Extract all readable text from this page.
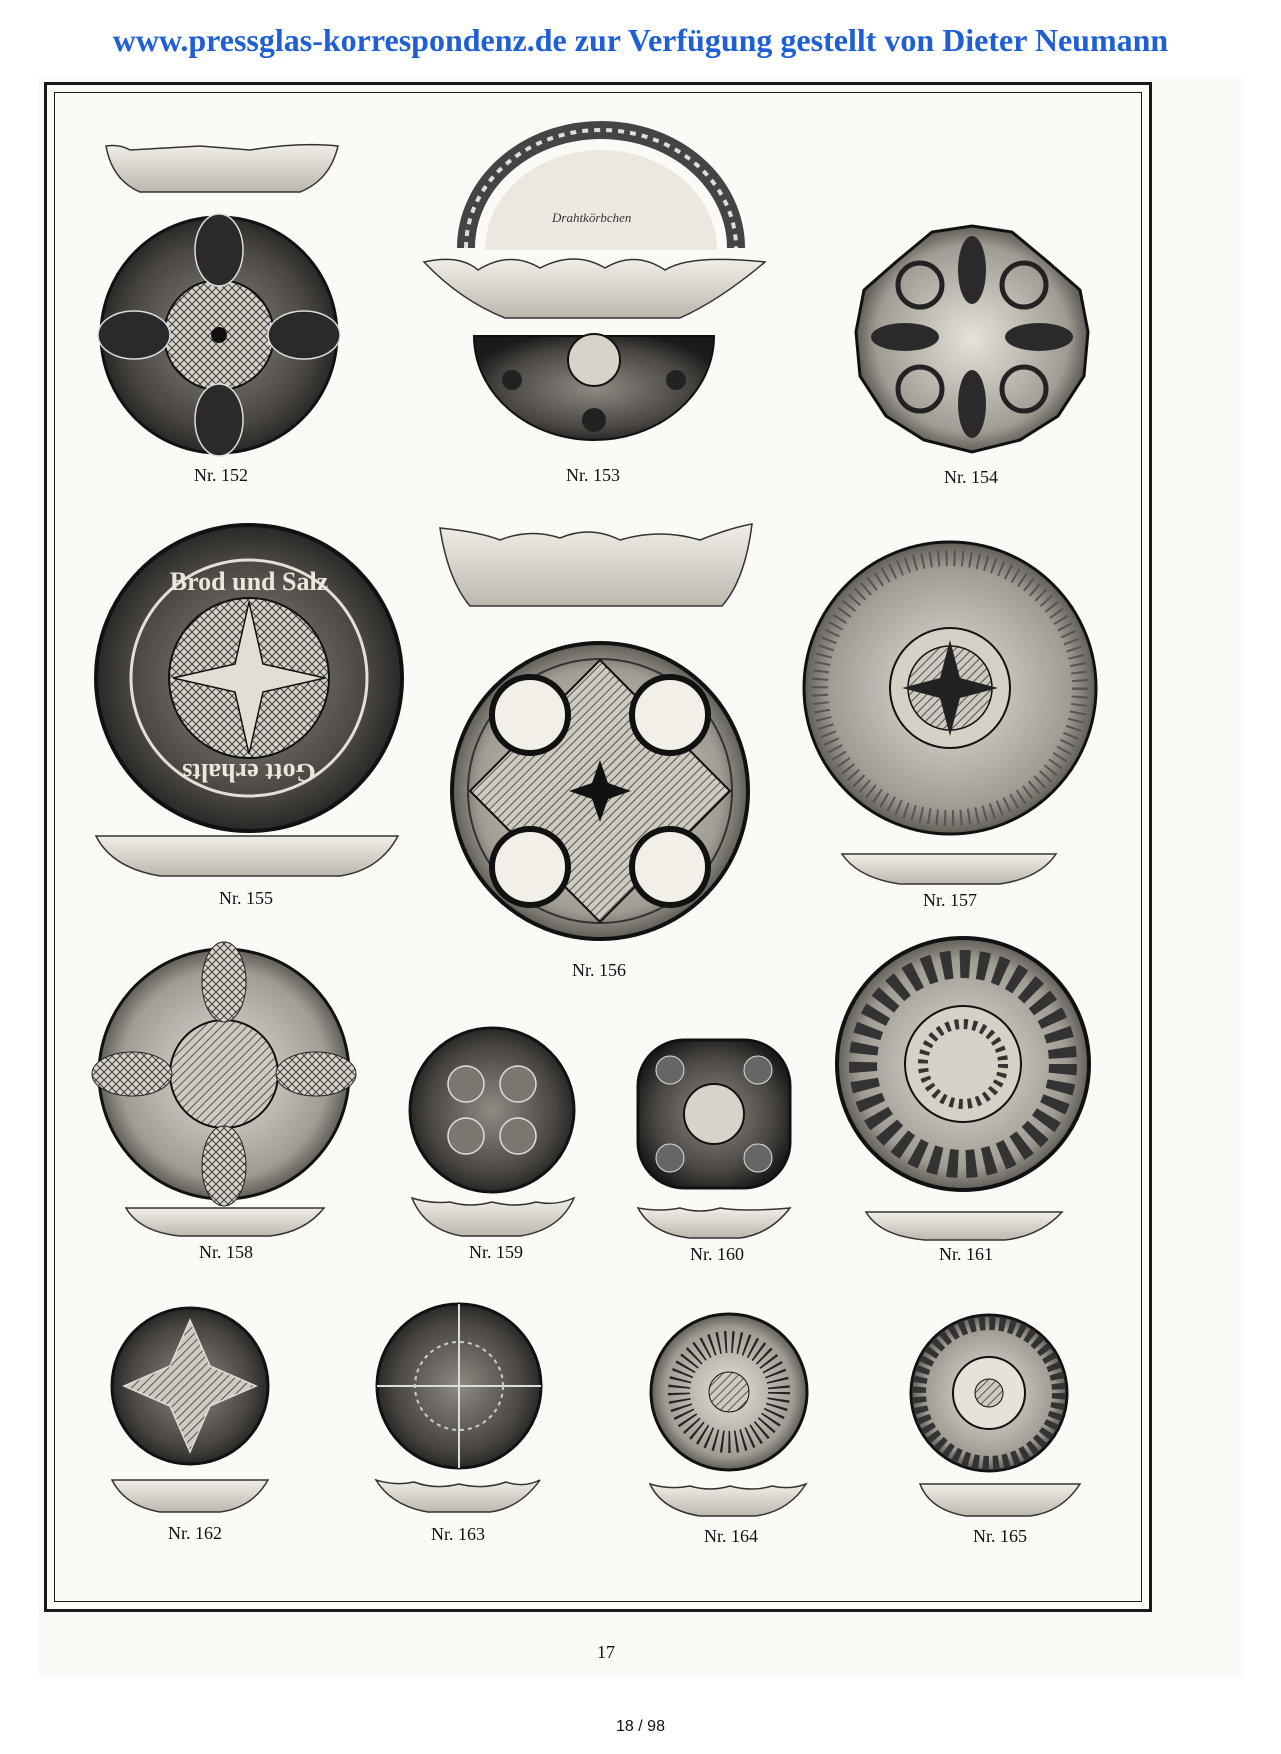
www.pressglas-korrespondenz.de zur Verfügung gestellt von Dieter Neumann
Drahtkörbchen
Brod und Salz
Gott erhalts
Nr. 152	Nr. 153	Nr. 154
Nr. 155
Nr. 156
Nr. 157
Nr. 158	Nr. 159	Nr. 160	Nr. 161
Nr. 162	Nr. 163	Nr. 164	Nr. 165
17
18 / 98
